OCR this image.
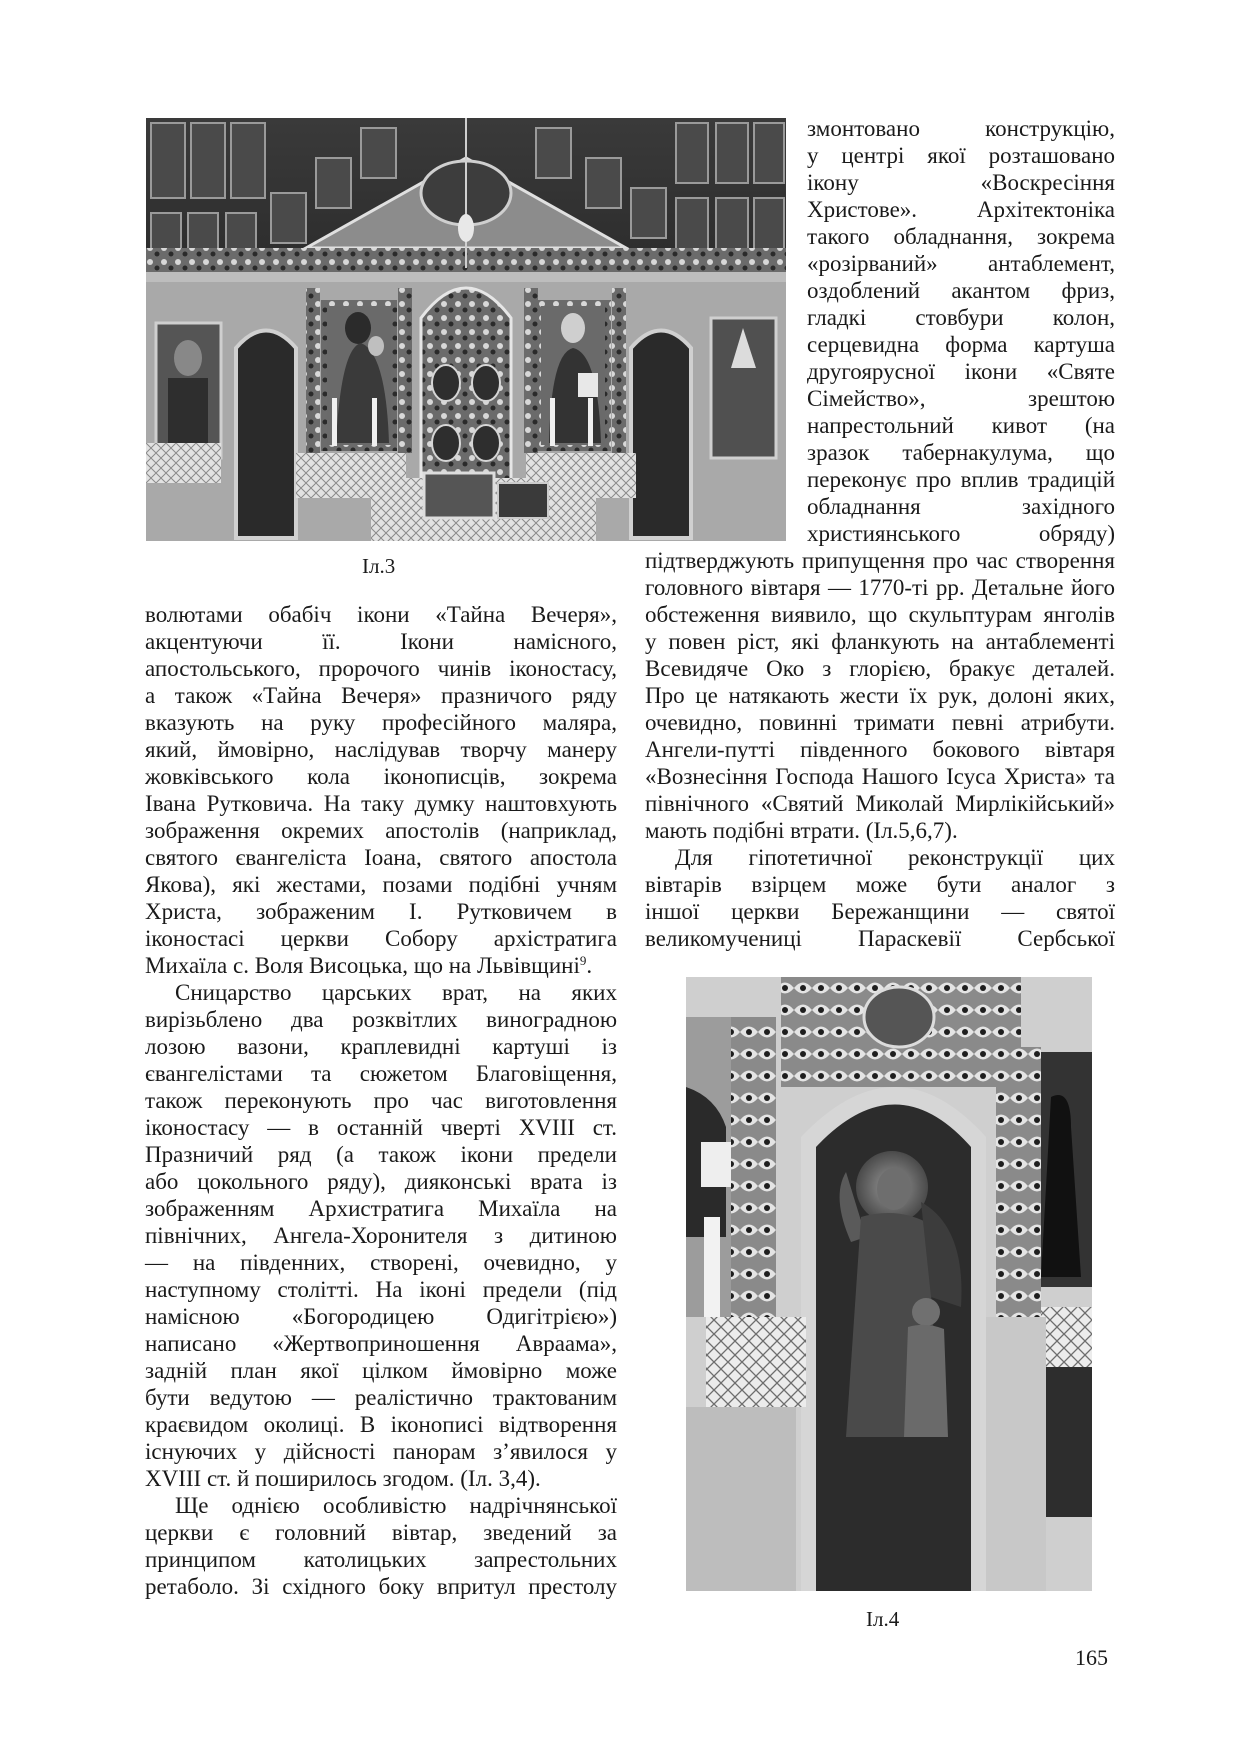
Іл.3
змонтовано конструкцію,
у центрі якої розташовано
ікону «Воскресіння
Христове». Архітектоніка
такого обладнання, зокрема
«розірваний» антаблемент,
оздоблений акантом фриз,
гладкі стовбури колон,
серцевидна форма картуша
другоярусної ікони «Святе
Сімейство», зрештою
напрестольний кивот (на
зразок табернакулума, що
переконує про вплив традицій
обладнання західного
християнського обряду)
підтверджують припущення про час створення
головного вівтаря — 1770-ті рр. Детальне його
обстеження виявило, що скульптурам янголів
у повен ріст, які фланкують на антаблементі
Всевидяче Око з глорією, бракує деталей.
Про це натякають жести їх рук, долоні яких,
очевидно, повинні тримати певні атрибути.
Ангели-путті південного бокового вівтаря
«Вознесіння Господа Нашого Ісуса Христа» та
північного «Святий Миколай Мирлікійський»
мають подібні втрати. (Іл.5,6,7).
Для гіпотетичної реконструкції цих
вівтарів взірцем може бути аналог з
іншої церкви Бережанщини — святої
великомучениці Параскевії Сербської
волютами обабіч ікони «Тайна Вечеря»,
акцентуючи її. Ікони намісного,
апостольського, пророчого чинів іконостасу,
а також «Тайна Вечеря» празничого ряду
вказують на руку професійного маляра,
який, ймовірно, наслідував творчу манеру
жовківського кола іконописців, зокрема
Івана Рутковича. На таку думку наштовхують
зображення окремих апостолів (наприклад,
святого євангеліста Іоана, святого апостола
Якова), які жестами, позами подібні учням
Христа, зображеним І. Рутковичем в
іконостасі церкви Собору архістратига
Михаїла с. Воля Висоцька, що на Львівщині$^9$.
Сницарство царських врат, на яких
вирізьблено два розквітлих виноградною
лозою вазони, краплевидні картуші із
євангелістами та сюжетом Благовіщення,
також переконують про час виготовлення
іконостасу — в останній чверті XVIII ст.
Празничий ряд (а також ікони предели
або цокольного ряду), дияконські врата із
зображенням Архистратига Михаїла на
північних, Ангела-Хоронителя з дитиною
— на південних, створені, очевидно, у
наступному столітті. На іконі предели (під
намісною «Богородицею Одигітрією»)
написано «Жертвоприношення Авраама»,
задній план якої цілком ймовірно може
бути ведутою — реалістично трактованим
краєвидом околиці. В іконописі відтворення
існуючих у дійсності панорам з’явилося у
XVIII ст. й поширилось згодом. (Іл. 3,4).
Ще однією особливістю надрічнянської
церкви є головний вівтар, зведений за
принципом католицьких запрестольних
ретаболо. Зі східного боку впритул престолу
Іл.4
165
